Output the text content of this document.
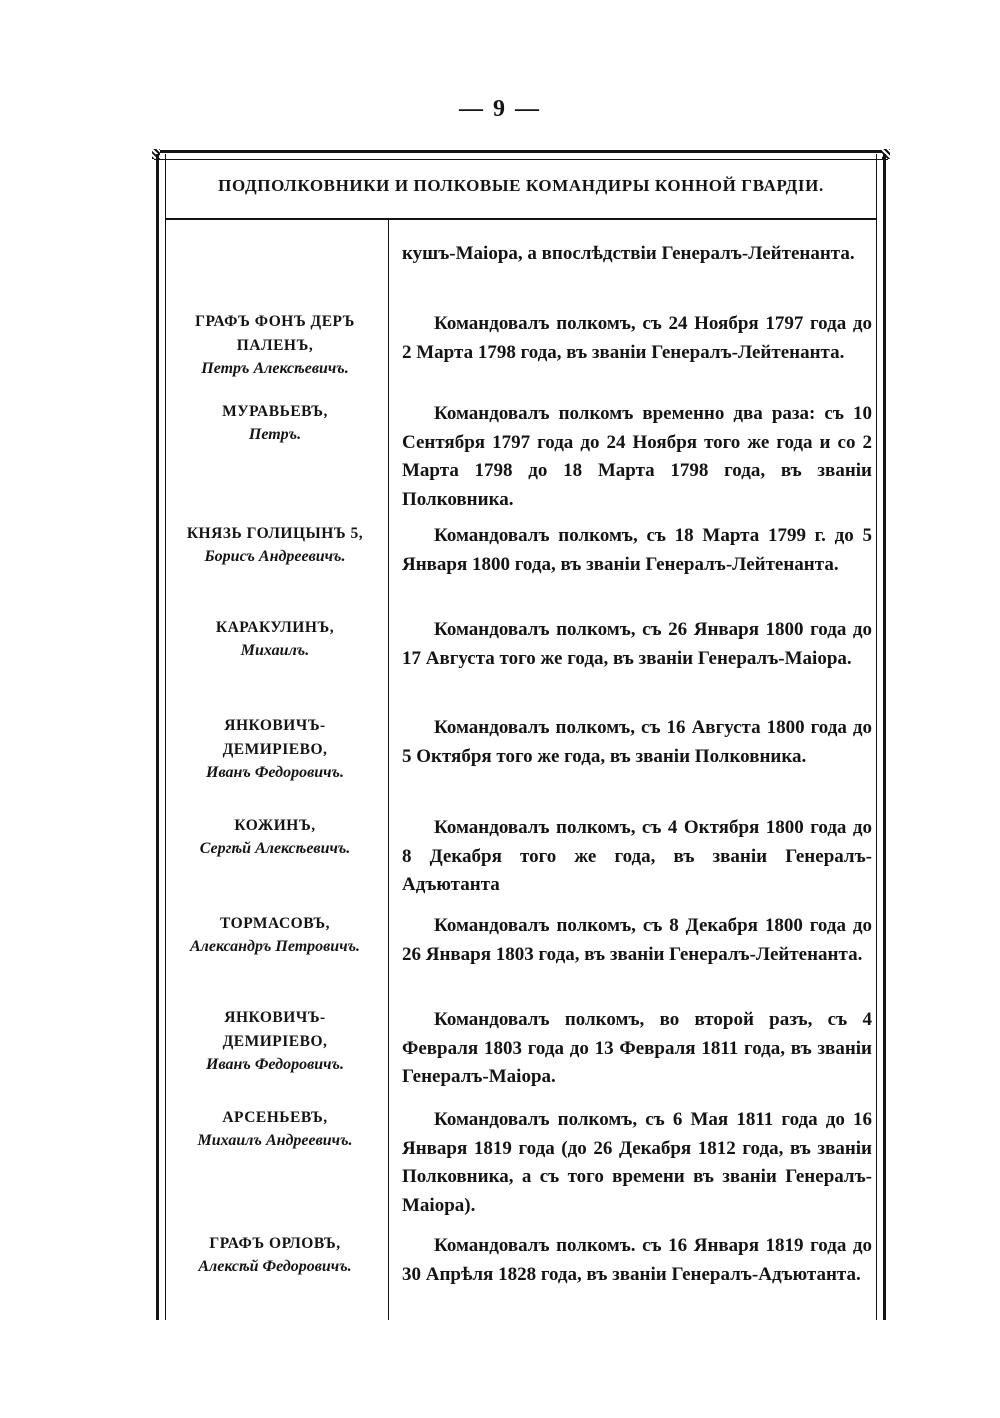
— 9 —
ПОДПОЛКОВНИКИ И ПОЛКОВЫЕ КОМАНДИРЫ КОННОЙ ГВАРДІИ.
кушъ-Маіора, а впослѣдствіи Генералъ-Лейтенанта.
ГРАФЪ ФОНЪ ДЕРЪ ПАЛЕНЪ,
Петръ Алексѣевичъ.
Командовалъ полкомъ, съ 24 Ноября 1797 года до 2 Марта 1798 года, въ званіи Генералъ-Лейтенанта.
МУРАВЬЕВЪ,
Петръ.
Командовалъ полкомъ временно два раза: съ 10 Сентября 1797 года до 24 Ноября того же года и со 2 Марта 1798 до 18 Марта 1798 года, въ званіи Полковника.
КНЯЗЬ ГОЛИЦЫНЪ 5,
Борисъ Андреевичъ.
Командовалъ полкомъ, съ 18 Марта 1799 г. до 5 Января 1800 года, въ званіи Генералъ-Лейтенанта.
КАРАКУЛИНЪ,
Михаилъ.
Командовалъ полкомъ, съ 26 Января 1800 года до 17 Августа того же года, въ званіи Генералъ-Маіора.
ЯНКОВИЧЪ-ДЕМИРІЕВО,
Иванъ Федоровичъ.
Командовалъ полкомъ, съ 16 Августа 1800 года до 5 Октября того же года, въ званіи Полковника.
КОЖИНЪ,
Сергѣй Алексѣевичъ.
Командовалъ полкомъ, съ 4 Октября 1800 года до 8 Декабря того же года, въ званіи Генералъ-Адъютанта
ТОРМАСОВЪ,
Александръ Петровичъ.
Командовалъ полкомъ, съ 8 Декабря 1800 года до 26 Января 1803 года, въ званіи Генералъ-Лейтенанта.
ЯНКОВИЧЪ-ДЕМИРІЕВО,
Иванъ Федоровичъ.
Командовалъ полкомъ, во второй разъ, съ 4 Февраля 1803 года до 13 Февраля 1811 года, въ званіи Генералъ-Маіора.
АРСЕНЬЕВЪ,
Михаилъ Андреевичъ.
Командовалъ полкомъ, съ 6 Мая 1811 года до 16 Января 1819 года (до 26 Декабря 1812 года, въ званіи Полковника, а съ того времени въ званіи Генералъ-Маіора).
ГРАФЪ ОРЛОВЪ,
Алексѣй Федоровичъ.
Командовалъ полкомъ. съ 16 Января 1819 года до 30 Апрѣля 1828 года, въ званіи Генералъ-Адъютанта.
